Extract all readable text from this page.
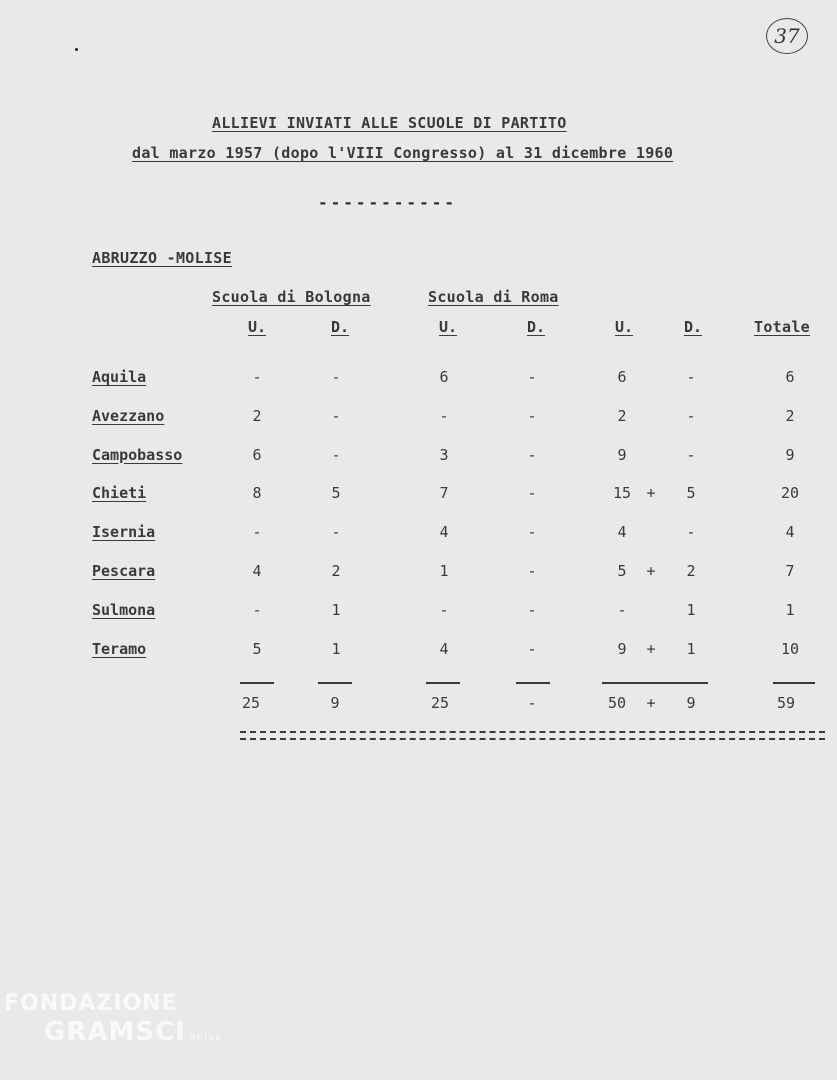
37
ALLIEVI INVIATI ALLE SCUOLE DI PARTITO
dal marzo 1957 (dopo l'VIII Congresso) al 31 dicembre 1960
-----------
ABRUZZO -MOLISE
Scuola di Bologna	Scuola di Roma
U.	D.	U.	D.	U.	D.	Totale
Aquila	-	-	6	-	6	-	6
Avezzano	2	-	-	-	2	-	2
Campobasso	6	-	3	-	9	-	9
Chieti	8	5	7	-	15	+	5	20
Isernia	-	-	4	-	4	-	4
Pescara	4	2	1	-	5	+	2	7
Sulmona	-	1	-	-	-	1	1
Teramo	5	1	4	-	9	+	1	10
25	9	25	-	50	+	9	59
FONDAZIONE
GRAMSCI onlus
